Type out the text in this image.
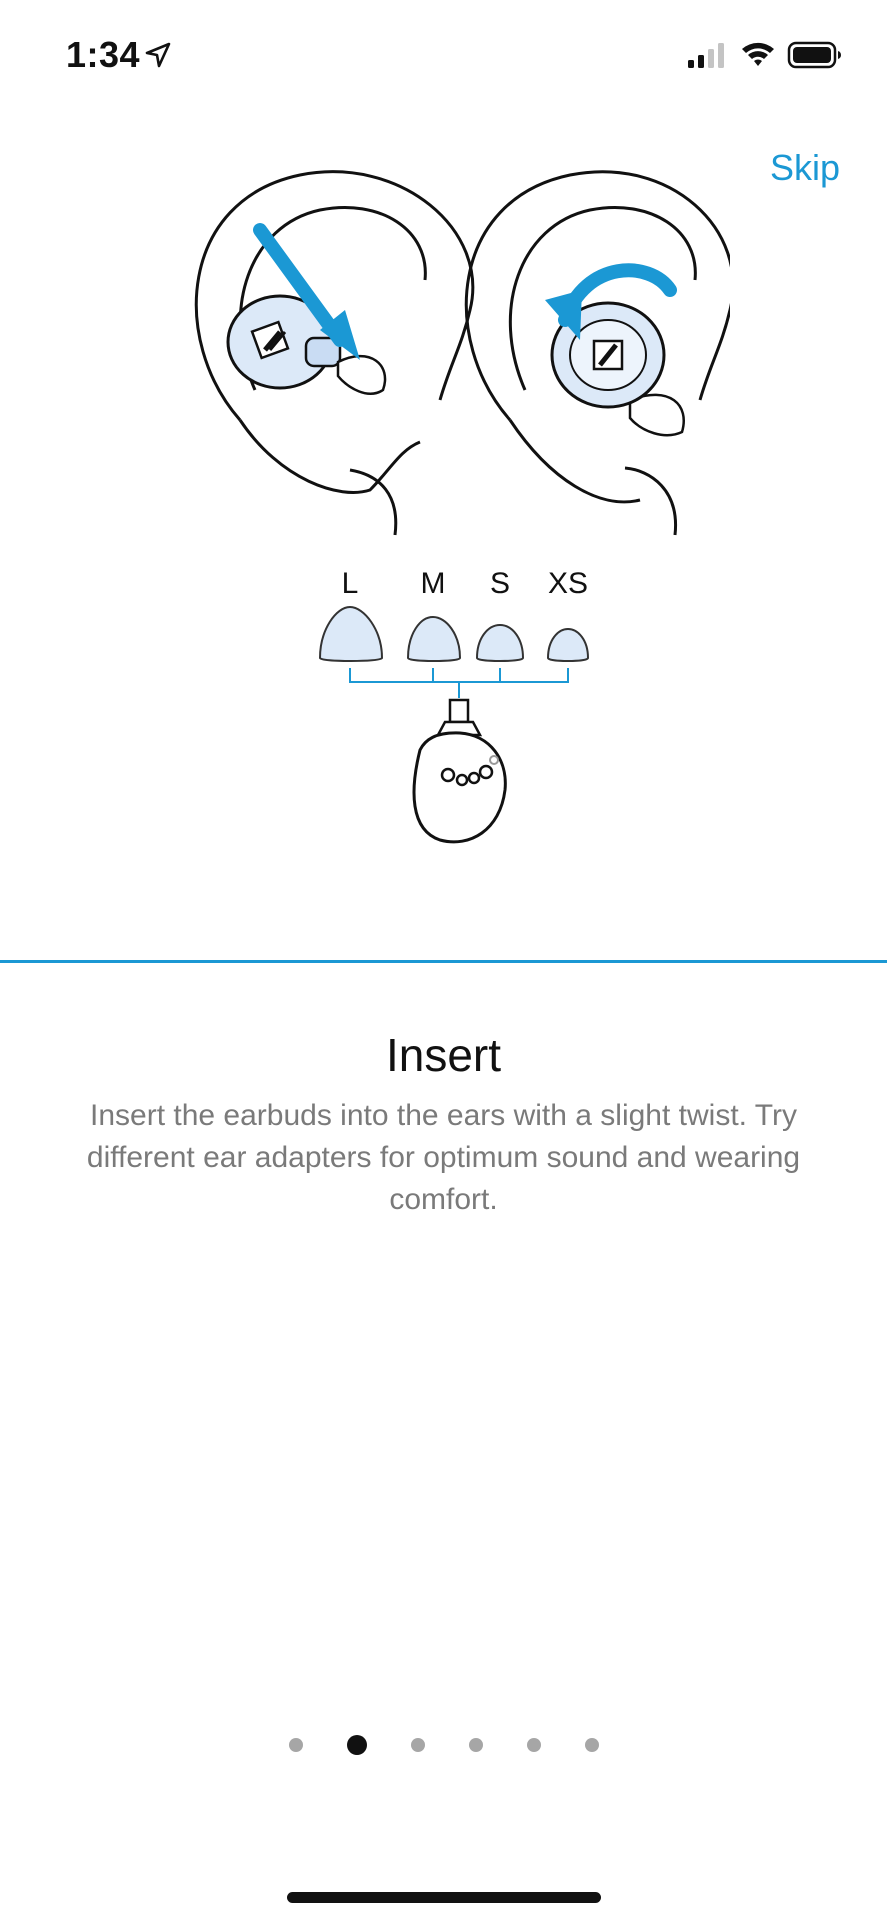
1:34
Skip
L M S XS
Insert
Insert the earbuds into the ears with a slight twist. Try different ear adapters for optimum sound and wearing comfort.
